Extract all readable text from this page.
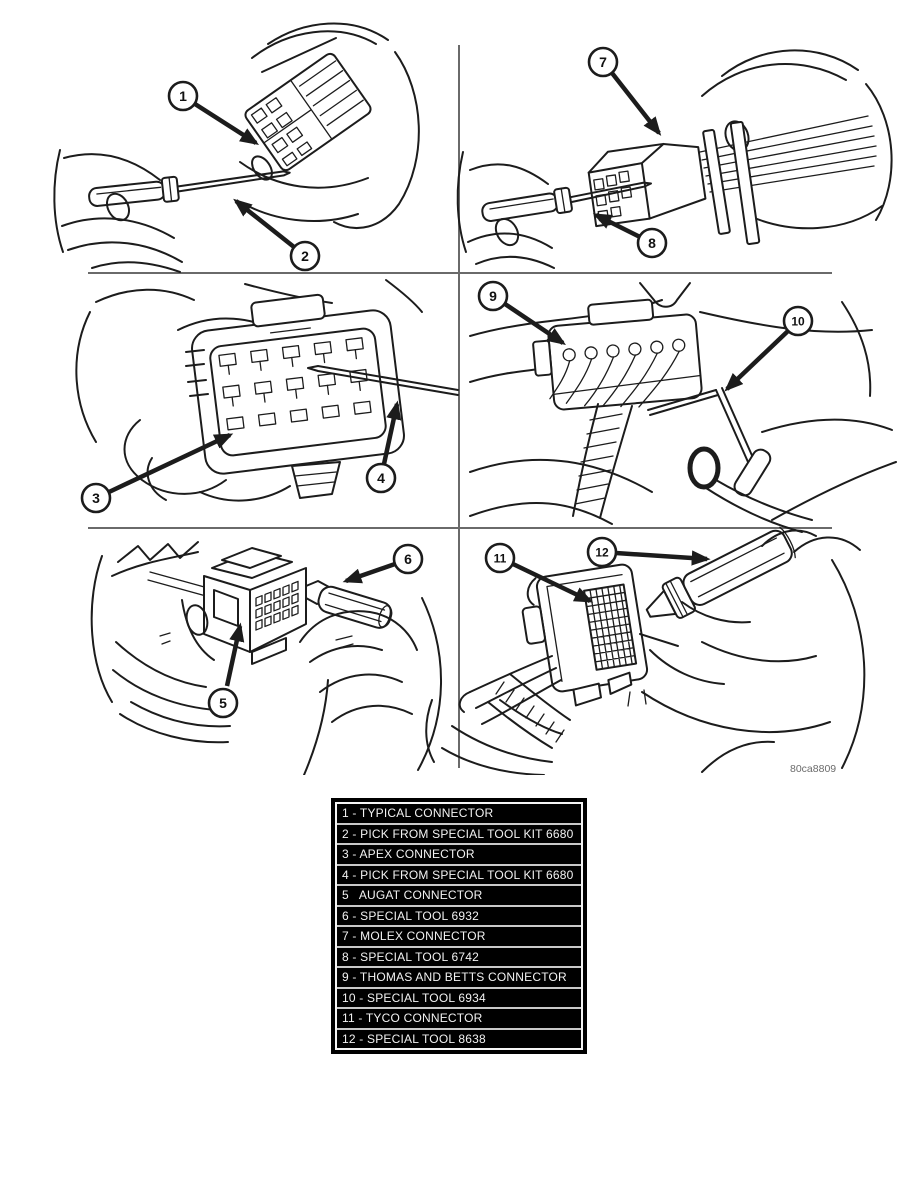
1
2
7
8
3
4
9
10
5
6	11	12
80ca8809
1 - TYPICAL CONNECTOR
2 - PICK FROM SPECIAL TOOL KIT 6680
3 - APEX CONNECTOR
4 - PICK FROM SPECIAL TOOL KIT 6680
5   AUGAT CONNECTOR
6 - SPECIAL TOOL 6932
7 - MOLEX CONNECTOR
8 - SPECIAL TOOL 6742
9 - THOMAS AND BETTS CONNECTOR
10 - SPECIAL TOOL 6934
11 - TYCO CONNECTOR
12 - SPECIAL TOOL 8638
